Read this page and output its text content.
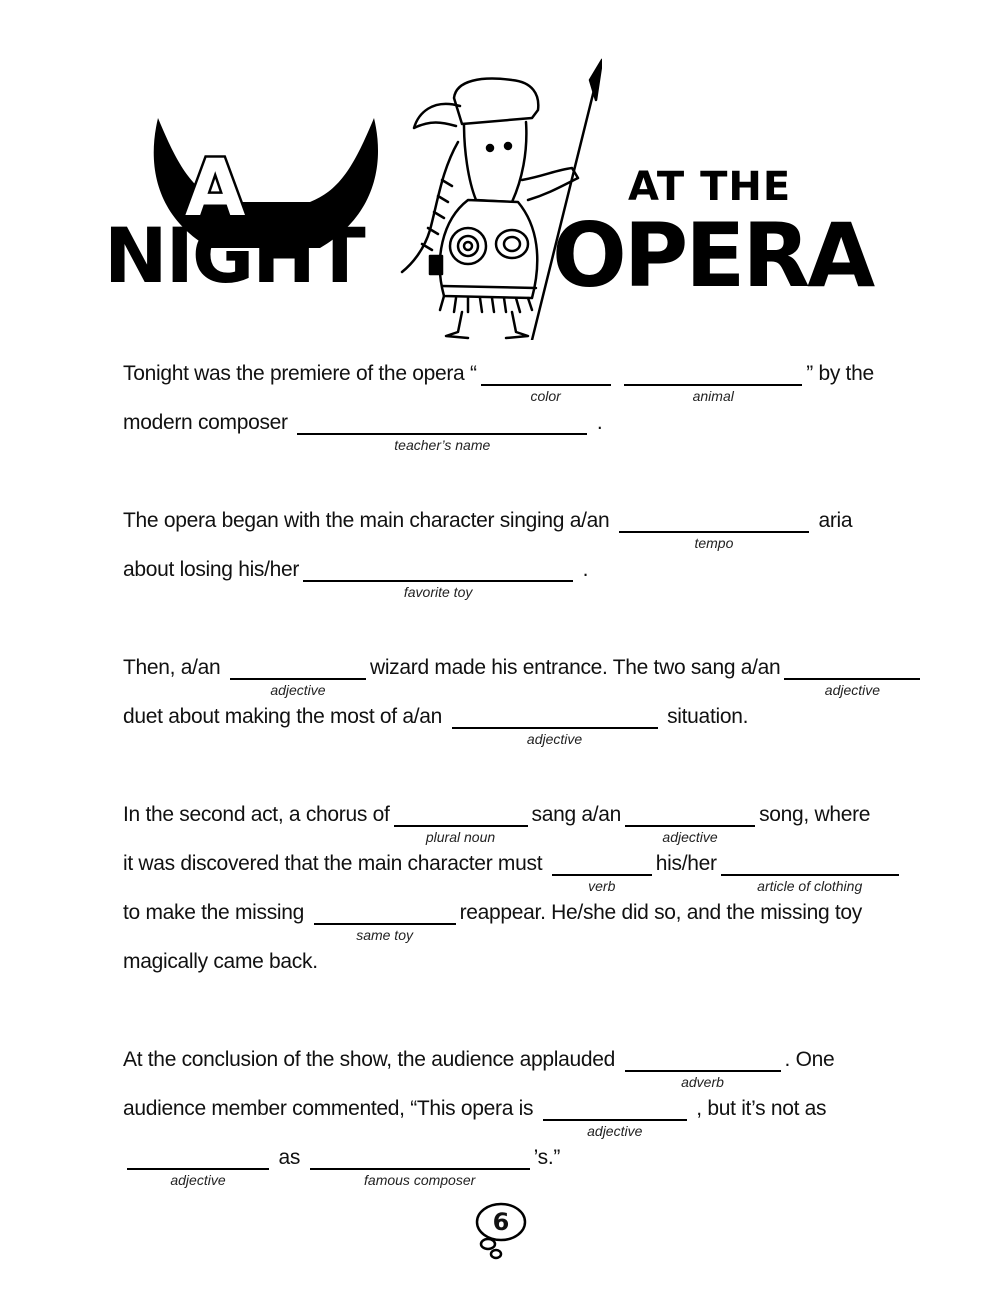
A
NIGHT
AT THE
OPERA
Tonight was the premiere of the opera “
color
	animal
” by the
modern composer
teacher’s name
.
The opera began with the main character singing a/an
tempo
aria
about losing his/her
favorite toy
.
Then, a/an
adjective
wizard made his entrance. The two sang a/an
adjective
duet about making the most of a/an
adjective
situation.
In the second act, a chorus of
plural noun
sang a/an
adjective
song, where
it was discovered that the main character must
verb
his/her
article of clothing
to make the missing
same toy
reappear. He/she did so, and the missing toy
magically came back.
At the conclusion of the show, the audience applauded
adverb
. One
audience member commented, “This opera is
adjective
, but it’s not as
adjective
as
famous composer
’s.”
6
